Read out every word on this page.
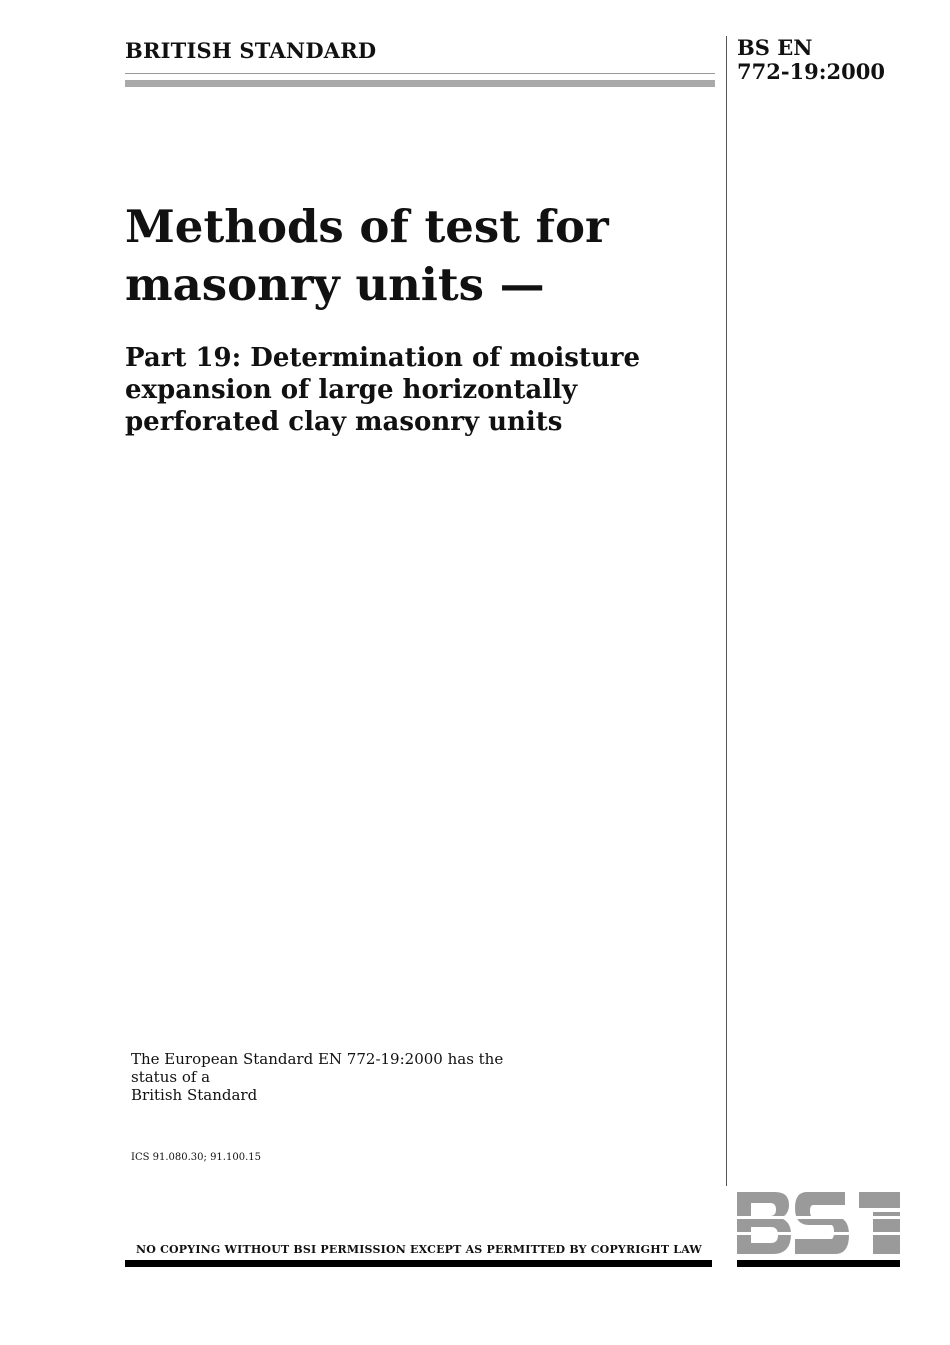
BRITISH STANDARD	BS EN
772-19:2000
Methods of test for
masonry units —
Part 19: Determination of moisture
expansion of large horizontally
perforated clay masonry units
The European Standard EN 772-19:2000 has the status of a
British Standard
ICS 91.080.30; 91.100.15
NO COPYING WITHOUT BSI PERMISSION EXCEPT AS PERMITTED BY COPYRIGHT LAW
